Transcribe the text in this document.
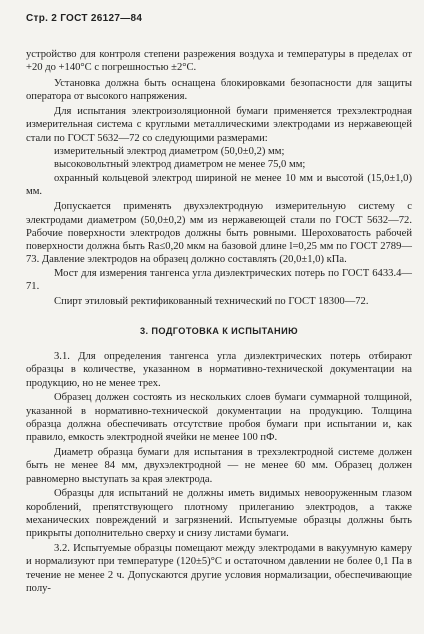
Стр. 2 ГОСТ 26127—84

устройство для контроля степени разрежения воздуха и температуры в пределах от +20 до +140°С с погрешностью ±2°С.

Установка должна быть оснащена блокировками безопасности для защиты оператора от высокого напряжения.

Для испытания электроизоляционной бумаги применяется трехэлектродная измерительная система с круглыми металлическими электродами из нержавеющей стали по ГОСТ 5632—72 со следующими размерами:

измерительный электрод диаметром (50,0±0,2) мм;

высоковольтный электрод диаметром не менее 75,0 мм;

охранный кольцевой электрод шириной не менее 10 мм и высотой (15,0±1,0) мм.

Допускается применять двухэлектродную измерительную систему с электродами диаметром (50,0±0,2) мм из нержавеющей стали по ГОСТ 5632—72. Рабочие поверхности электродов должны быть ровными. Шероховатость рабочей поверхности должна быть Ra≤0,20 мкм на базовой длине l=0,25 мм по ГОСТ 2789—73. Давление электродов на образец должно составлять (20,0±1,0) кПа.

Мост для измерения тангенса угла диэлектрических потерь по ГОСТ 6433.4—71.

Спирт этиловый ректификованный технический по ГОСТ 18300—72.

3. ПОДГОТОВКА К ИСПЫТАНИЮ

3.1. Для определения тангенса угла диэлектрических потерь отбирают образцы в количестве, указанном в нормативно-технической документации на продукцию, но не менее трех.

Образец должен состоять из нескольких слоев бумаги суммарной толщиной, указанной в нормативно-технической документации на продукцию. Толщина образца должна обеспечивать отсутствие пробоя бумаги при испытании и, как правило, емкость электродной ячейки не менее 100 пФ.

Диаметр образца бумаги для испытания в трехэлектродной системе должен быть не менее 84 мм, двухэлектродной — не менее 60 мм. Образец должен равномерно выступать за края электрода.

Образцы для испытаний не должны иметь видимых невооруженным глазом короблений, препятствующего плотному прилеганию электродов, а также механических повреждений и загрязнений. Испытуемые образцы должны быть прикрыты дополнительно сверху и снизу листами бумаги.

3.2. Испытуемые образцы помещают между электродами в вакуумную камеру и нормализуют при температуре (120±5)°С и остаточном давлении не более 0,1 Па в течение не менее 2 ч. Допускаются другие условия нормализации, обеспечивающие полу-
